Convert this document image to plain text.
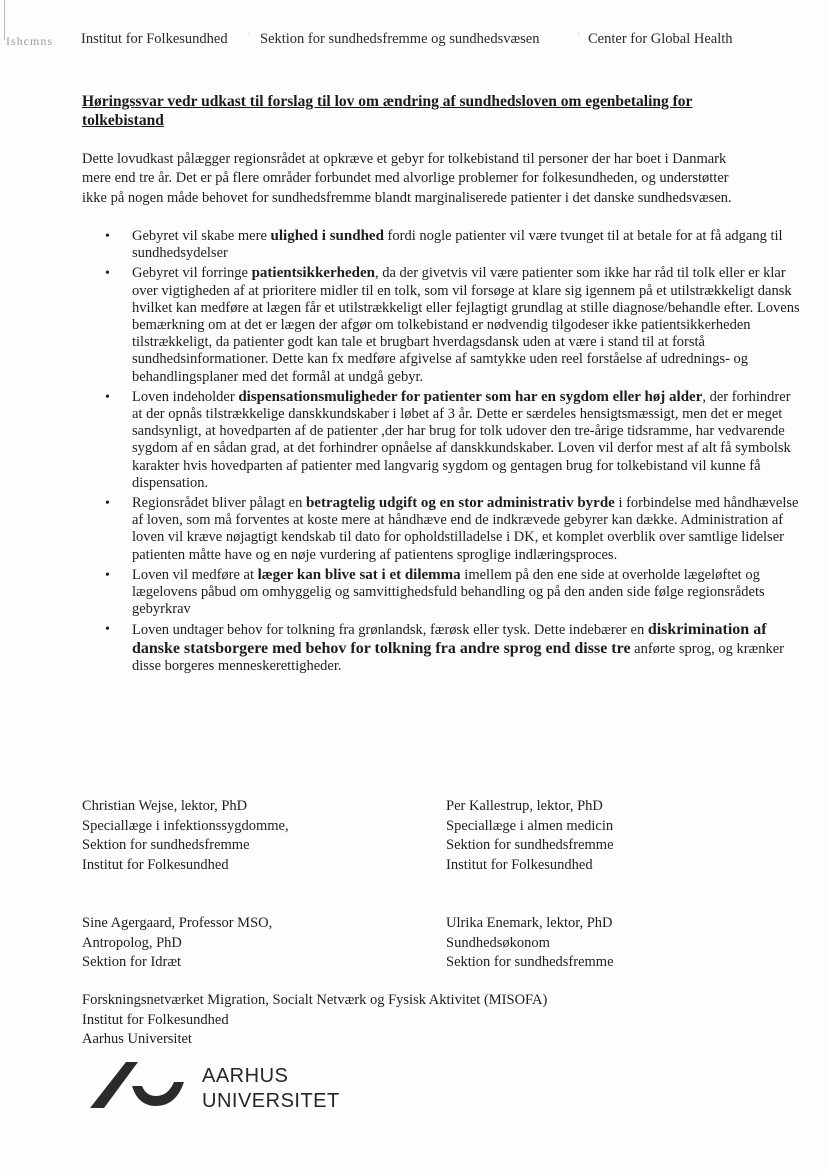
Ishcmns Institut for Folkesundhed · Sektion for sundhedsfremme og sundhedsvæsen	· Center for Global Health
Høringssvar vedr udkast til forslag til lov om ændring af sundhedsloven om egenbetaling for tolkebistand
Dette lovudkast pålægger regionsrådet at opkræve et gebyr for tolkebistand til personer der har boet i Danmark mere end tre år. Det er på flere områder forbundet med alvorlige problemer for folkesundheden, og understøtter ikke på nogen måde behovet for sundhedsfremme blandt marginaliserede patienter i det danske sundhedsvæsen.
• Gebyret vil skabe mere ulighed i sundhed fordi nogle patienter vil være tvunget til at betale for at få adgang til sundhedsydelser
• Gebyret vil forringe patientsikkerheden, da der givetvis vil være patienter som ikke har råd til tolk eller er klar over vigtigheden af at prioritere midler til en tolk, som vil forsøge at klare sig igennem på et utilstrækkeligt dansk hvilket kan medføre at lægen får et utilstrækkeligt eller fejlagtigt grundlag at stille diagnose/behandle efter. Lovens bemærkning om at det er lægen der afgør om tolkebistand er nødvendig tilgodeser ikke patientsikkerheden tilstrækkeligt, da patienter godt kan tale et brugbart hverdagsdansk uden at være i stand til at forstå sundhedsinformationer. Dette kan fx medføre afgivelse af samtykke uden reel forståelse af udrednings- og behandlingsplaner med det formål at undgå gebyr.
• Loven indeholder dispensationsmuligheder for patienter som har en sygdom eller høj alder, der forhindrer at der opnås tilstrækkelige danskkundskaber i løbet af 3 år. Dette er særdeles hensigtsmæssigt, men det er meget sandsynligt, at hovedparten af de patienter ,der har brug for tolk udover den tre-årige tidsramme, har vedvarende sygdom af en sådan grad, at det forhindrer opnåelse af danskkundskaber. Loven vil derfor mest af alt få symbolsk karakter hvis hovedparten af patienter med langvarig sygdom og gentagen brug for tolkebistand vil kunne få dispensation.
• Regionsrådet bliver pålagt en betragtelig udgift og en stor administrativ byrde i forbindelse med håndhævelse af loven, som må forventes at koste mere at håndhæve end de indkrævede gebyrer kan dække. Administration af loven vil kræve nøjagtigt kendskab til dato for opholdstilladelse i DK, et komplet overblik over samtlige lidelser patienten måtte have og en nøje vurdering af patientens sproglige indlæringsproces.
• Loven vil medføre at læger kan blive sat i et dilemma imellem på den ene side at overholde lægeløftet og lægelovens påbud om omhyggelig og samvittighedsfuld behandling og på den anden side følge regionsrådets gebyrkrav
• Loven undtager behov for tolkning fra grønlandsk, færøsk eller tysk. Dette indebærer en diskrimination af danske statsborgere med behov for tolkning fra andre sprog end disse tre anførte sprog, og krænker disse borgeres menneskerettigheder.
Christian Wejse, lektor, PhD
Speciallæge i infektionssygdomme,
Sektion for sundhedsfremme
Institut for Folkesundhed
Per Kallestrup, lektor, PhD
Speciallæge i almen medicin
Sektion for sundhedsfremme
Institut for Folkesundhed
Sine Agergaard, Professor MSO,
Antropolog, PhD
Sektion for Idræt
Ulrika Enemark, lektor, PhD
Sundhedsøkonom
Sektion for sundhedsfremme
Forskningsnetværket Migration, Socialt Netværk og Fysisk Aktivitet (MISOFA)
Institut for Folkesundhed
Aarhus Universitet
AARHUS
UNIVERSITET
